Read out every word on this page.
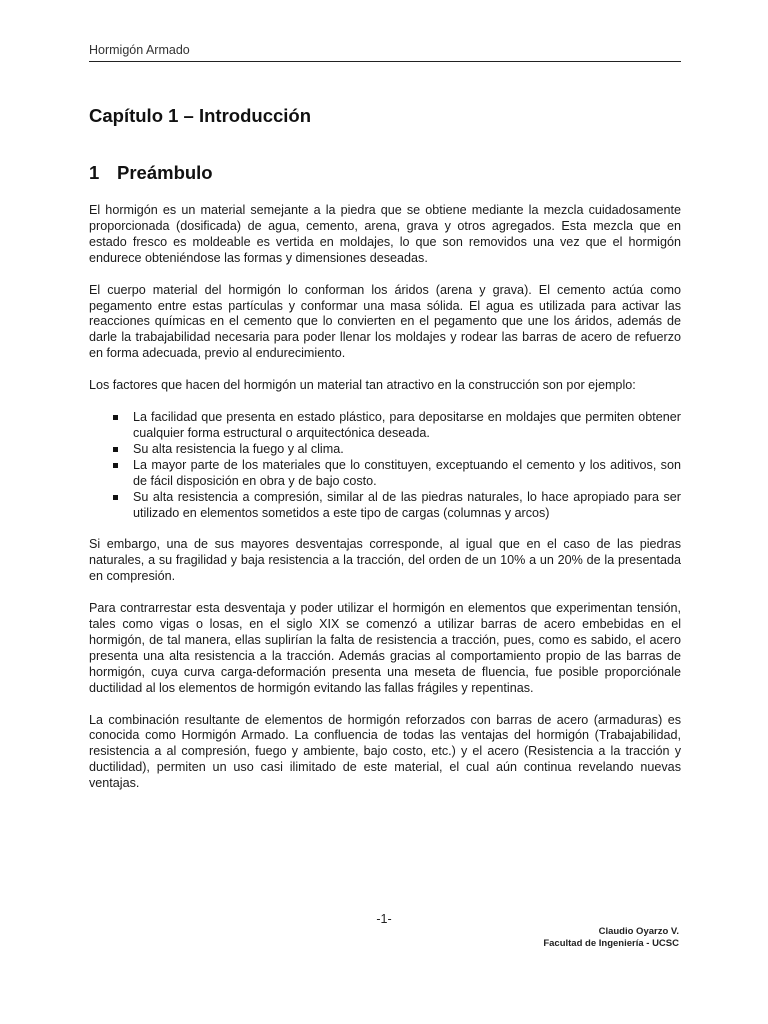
Hormigón Armado
Capítulo 1 – Introducción
1 Preámbulo

El hormigón es un material semejante a la piedra que se obtiene mediante la mezcla cuidadosamente proporcionada (dosificada) de agua, cemento, arena, grava y otros agregados. Esta mezcla que en estado fresco es moldeable es vertida en moldajes, lo que son removidos una vez que el hormigón endurece obteniéndose las formas y dimensiones deseadas.

El cuerpo material del hormigón lo conforman los áridos (arena y grava). El cemento actúa como pegamento entre estas partículas y conformar una masa sólida. El agua es utilizada para activar las reacciones químicas en el cemento que lo convierten en el pegamento que une los áridos, además de darle la trabajabilidad necesaria para poder llenar los moldajes y rodear las barras de acero de refuerzo en forma adecuada, previo al endurecimiento.

Los factores que hacen del hormigón un material tan atractivo en la construcción son por ejemplo:

La facilidad que presenta en estado plástico, para depositarse en moldajes que permiten obtener cualquier forma estructural o arquitectónica deseada.
Su alta resistencia la fuego y al clima.
La mayor parte de los materiales que lo constituyen, exceptuando el cemento y los aditivos, son de fácil disposición en obra y de bajo costo.
Su alta resistencia a compresión, similar al de las piedras naturales, lo hace apropiado para ser utilizado en elementos sometidos a este tipo de cargas (columnas y arcos)

Si embargo, una de sus mayores desventajas corresponde, al igual que en el caso de las piedras naturales, a su fragilidad y baja resistencia a la tracción, del orden de un 10% a un 20% de la presentada en compresión.

Para contrarrestar esta desventaja y poder utilizar el hormigón en elementos que experimentan tensión, tales como vigas o losas, en el siglo XIX se comenzó a utilizar barras de acero embebidas en el hormigón, de tal manera, ellas suplirían la falta de resistencia a tracción, pues, como es sabido, el acero presenta una alta resistencia a la tracción. Además gracias al comportamiento propio de las barras de hormigón, cuya curva carga-deformación presenta una meseta de fluencia, fue posible proporciónale ductilidad al los elementos de hormigón evitando las fallas frágiles y repentinas.

La combinación resultante de elementos de hormigón reforzados con barras de acero (armaduras) es conocida como Hormigón Armado. La confluencia de todas las ventajas del hormigón (Trabajabilidad, resistencia a al compresión, fuego y ambiente, bajo costo, etc.) y el acero (Resistencia a la tracción y ductilidad), permiten un uso casi ilimitado de este material, el cual aún continua revelando nuevas ventajas.

-1-
Claudio Oyarzo V.
Facultad de Ingeniería - UCSC
